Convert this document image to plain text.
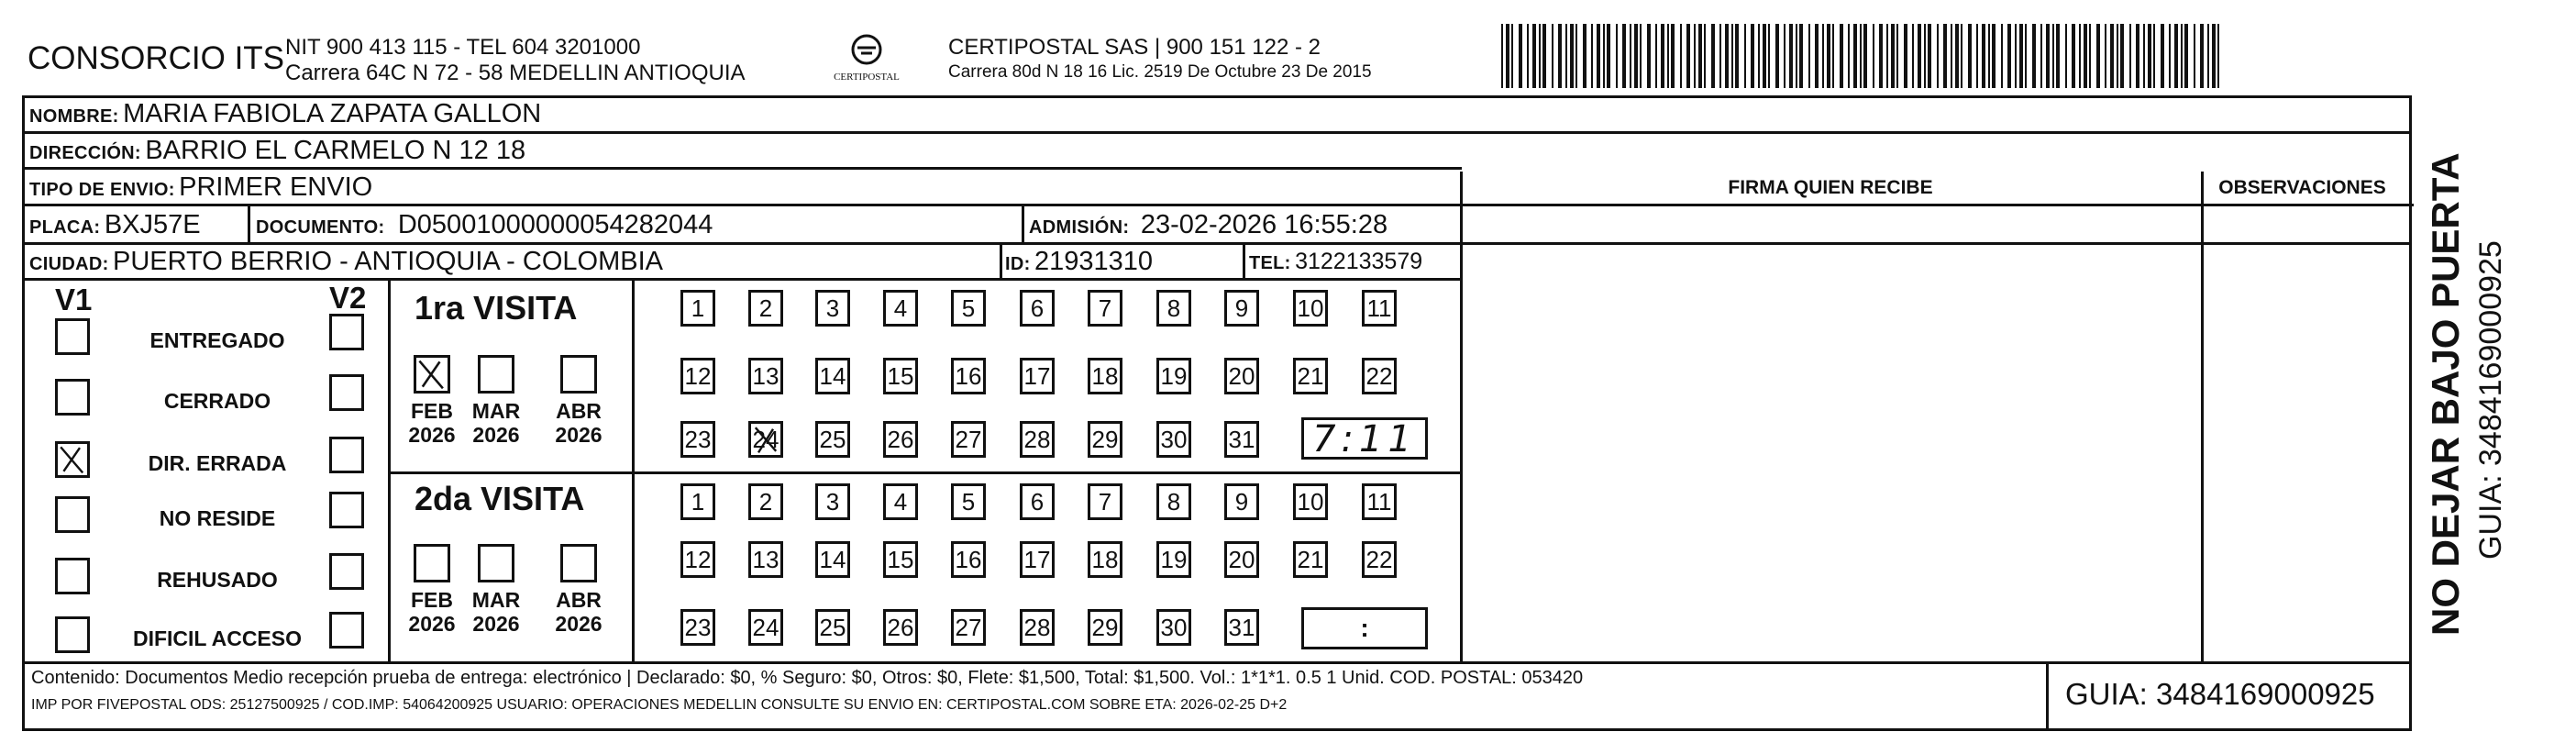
CONSORCIO ITS NIT 900 413 115 - TEL 604 3201000
Carrera 64C N 72 - 58 MEDELLIN ANTIOQUIA	CERTIPOSTAL
CERTIPOSTAL SAS | 900 151 122 - 2
Carrera 80d N 18 16 Lic. 2519 De Octubre 23 De 2015
NOMBRE: MARIA FABIOLA ZAPATA GALLON
DIRECCIÓN: BARRIO EL CARMELO N 12 18
TIPO DE ENVIO: PRIMER ENVIO	FIRMA QUIEN RECIBE	OBSERVACIONES
PLACA: BXJ57E	DOCUMENTO: D05001000000054282044	ADMISIÓN: 23-02-2026 16:55:28
CIUDAD: PUERTO BERRIO - ANTIOQUIA - COLOMBIA	ID: 21931310	TEL: 3122133579
V1	V2 1ra VISITA
2da VISITA
7:11
:	NO DEJAR BAJO PUERTA GUIA: 3484169000925
Contenido: Documentos Medio recepción prueba de entrega: electrónico | Declarado: $0, % Seguro: $0, Otros: $0, Flete: $1,500, Total: $1,500. Vol.: 1*1*1. 0.5 1 Unid. COD. POSTAL: 053420
IMP POR FIVEPOSTAL ODS: 25127500925 / COD.IMP: 54064200925 USUARIO: OPERACIONES MEDELLIN CONSULTE SU ENVIO EN: CERTIPOSTAL.COM SOBRE ETA: 2026-02-25 D+2	GUIA: 3484169000925
ENTREGADO
CERRADO
DIR. ERRADA
NO RESIDE
REHUSADO
DIFICIL ACCESO
FEB
2026
MAR
2026
ABR
2026
FEB
2026
MAR
2026
ABR
2026
1	2	3	4	5	6	7	8	9	10 11
12 13 14 15 16 17 18 19 20 21 22
23 24 25 26 27 28 29 30 31
1	2	3	4	5	6	7	8	9	10 11
12 13 14 15 16 17 18 19 20 21 22
23 24 25 26 27 28 29 30 31
